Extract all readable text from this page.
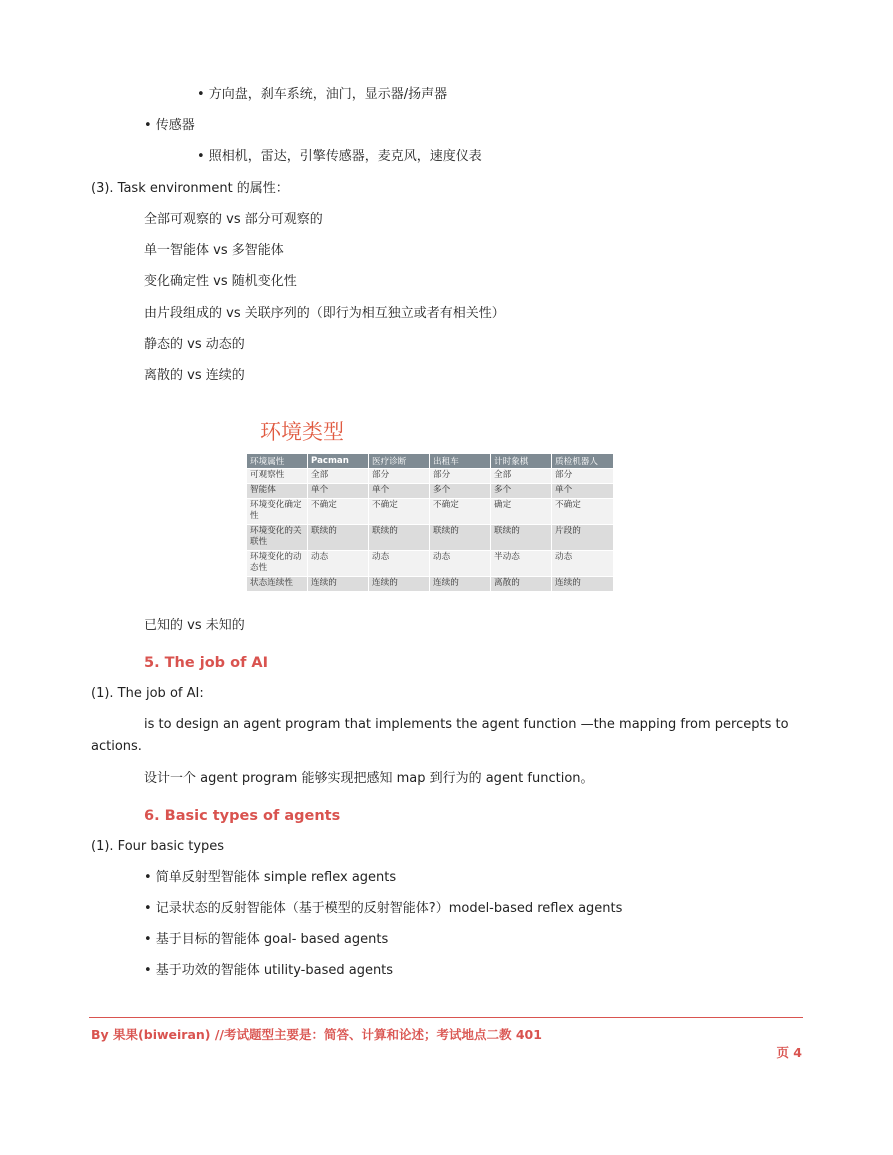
• 方向盘，刹车系统，油门，显示器/扬声器
• 传感器
• 照相机，雷达，引擎传感器，麦克风，速度仪表
(3). Task environment 的属性：
全部可观察的 vs 部分可观察的
单一智能体 vs 多智能体
变化确定性 vs 随机变化性
由片段组成的 vs 关联序列的（即行为相互独立或者有相关性）
静态的 vs 动态的
离散的 vs 连续的
环境类型
环境属性	Pacman	医疗诊断	出租车	计时象棋	质检机器人
可观察性	全部	部分	部分	全部	部分
智能体	单个	单个	多个	多个	单个
环境变化确定性	不确定	不确定	不确定	确定	不确定
环境变化的关联性	联续的	联续的	联续的	联续的	片段的
环境变化的动态性	动态	动态	动态	半动态	动态
状态连续性	连续的	连续的	连续的	离散的	连续的
已知的 vs 未知的
5. The job of AI
(1). The job of AI:
is to design an agent program that implements the agent function —the mapping from percepts to
actions.
设计一个 agent program 能够实现把感知 map 到行为的 agent function。
6. Basic types of agents
(1). Four basic types
• 简单反射型智能体 simple reflex agents
• 记录状态的反射智能体（基于模型的反射智能体?）model-based reflex agents
• 基于目标的智能体 goal- based agents
• 基于功效的智能体 utility-based agents
By 果果(biweiran) //考试题型主要是：简答、计算和论述；考试地点二教 401
页 4
